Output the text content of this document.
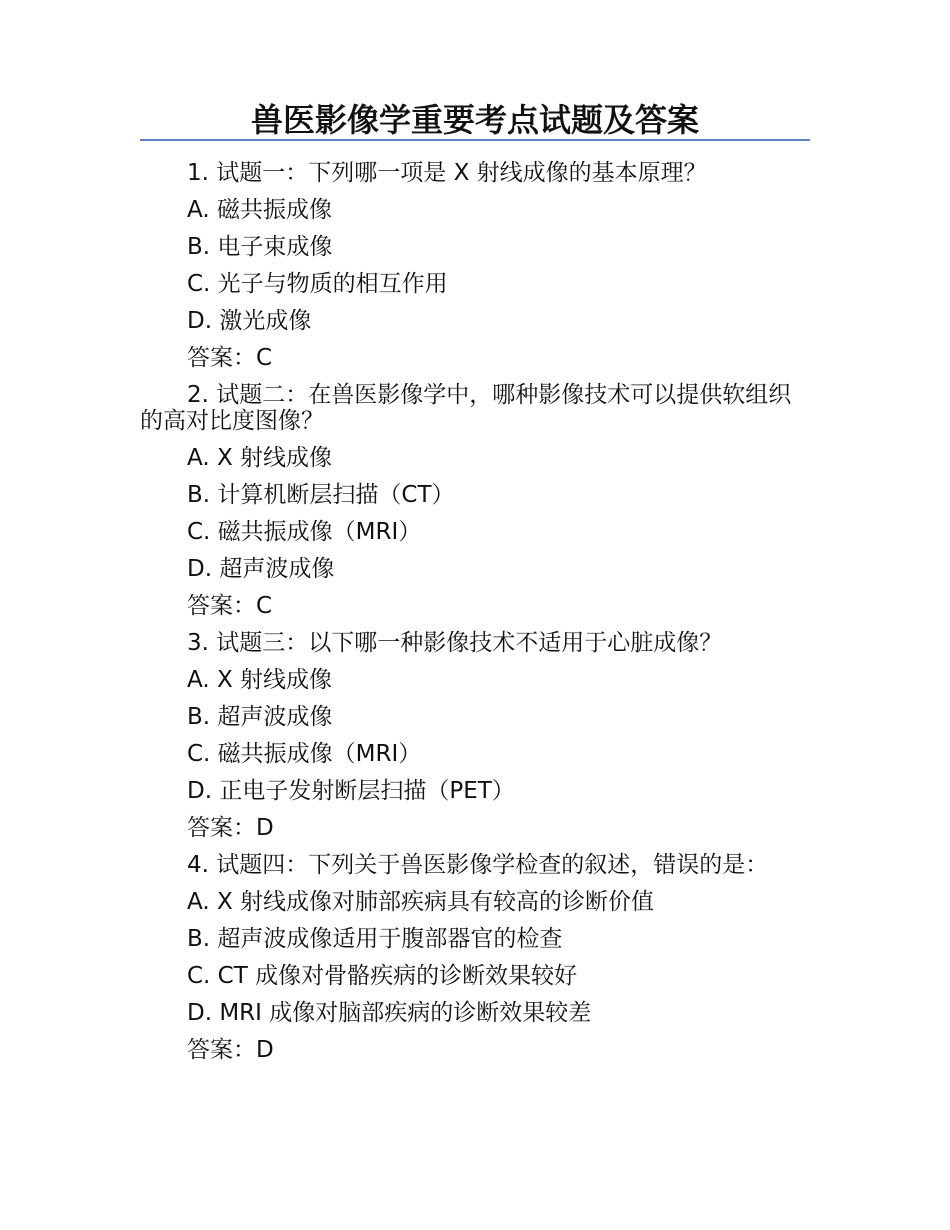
兽医影像学重要考点试题及答案
1. 试题一：下列哪一项是 X 射线成像的基本原理？
A. 磁共振成像
B. 电子束成像
C. 光子与物质的相互作用
D. 激光成像
答案：C
2. 试题二：在兽医影像学中，哪种影像技术可以提供软组织的高对比度图像？
A. X 射线成像
B. 计算机断层扫描（CT）
C. 磁共振成像（MRI）
D. 超声波成像
答案：C
3. 试题三：以下哪一种影像技术不适用于心脏成像？
A. X 射线成像
B. 超声波成像
C. 磁共振成像（MRI）
D. 正电子发射断层扫描（PET）
答案：D
4. 试题四：下列关于兽医影像学检查的叙述，错误的是：
A. X 射线成像对肺部疾病具有较高的诊断价值
B. 超声波成像适用于腹部器官的检查
C. CT 成像对骨骼疾病的诊断效果较好
D. MRI 成像对脑部疾病的诊断效果较差
答案：D
